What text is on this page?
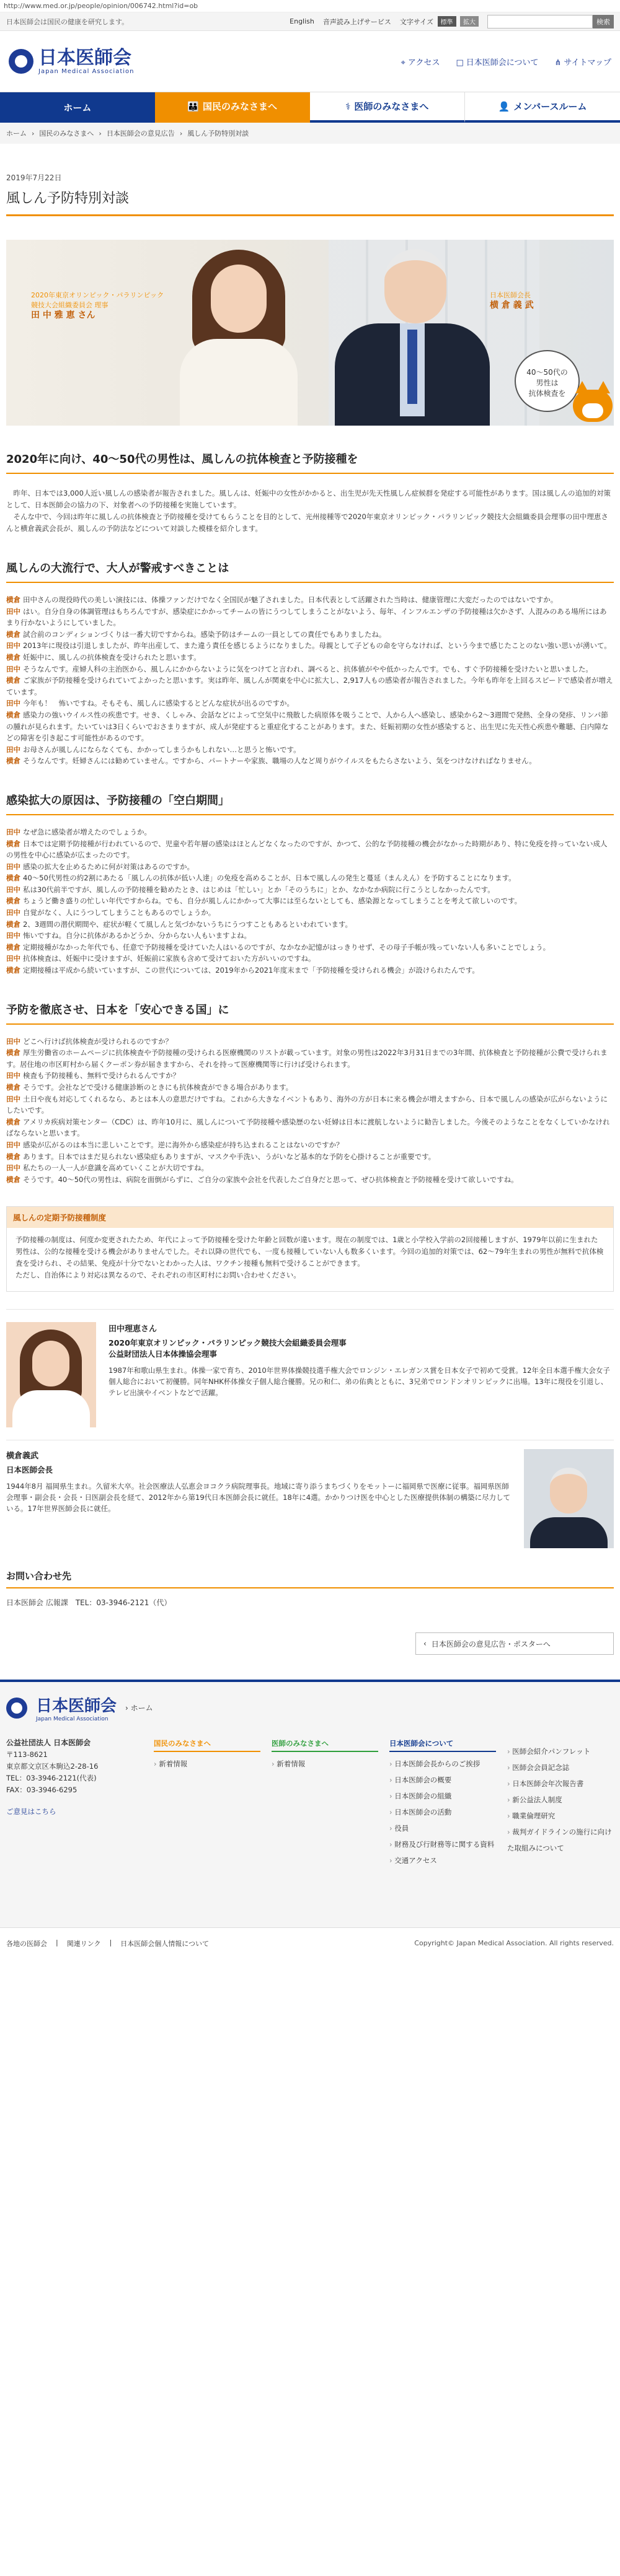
http://www.med.or.jp/people/opinion/006742.html?id=ob
日本医師会は国民の健康を研究します。	English 音声読み上げサービス 文字サイズ 標準 拡大	検索
日本医師会
Japan Medical Association
⌖ アクセス □ 日本医師会について ⋔ サイトマップ
ホーム	👪 国民のみなさまへ	⚕ 医師のみなさまへ	👤 メンバースルーム
ホーム › 国民のみなさまへ › 日本医師会の意見広告 › 風しん予防特別対談
2019年7月22日
風しん予防特別対談
2020年東京オリンピック・パラリンピック
競技大会組織委員会 理事
田 中 雅 恵 さん
日本医師会長
横 倉 義 武
40～50代の
男性は
抗体検査を
2020年に向け、40～50代の男性は、風しんの抗体検査と予防接種を

　昨年、日本では3,000人近い風しんの感染者が報告されました。風しんは、妊娠中の女性がかかると、出生児が先天性風しん症候群を発症する可能性があります。国は風しんの追加的対策として、日本医師会の協力の下、対象者への予防接種を実施しています。
　そんな中で、今回は昨年に風しんの抗体検査と予防接種を受けてもらうことを目的として、光州接種等で2020年東京オリンピック・パラリンピック競技大会組織委員会理事の田中理恵さんと横倉義武会長が、風しんの予防法などについて対談した模様を紹介します。

風しんの大流行で、大人が警戒すべきことは

横倉 田中さんの現役時代の美しい演技には、体操ファンだけでなく全国民が魅了されました。日本代表として活躍された当時は、健康管理に大変だったのではないですか。

田中 はい。自分自身の体調管理はもちろんですが、感染症にかかってチームの皆にうつしてしまうことがないよう、毎年、インフルエンザの予防接種は欠かさず、人混みのある場所にはあまり行かないようにしていました。

横倉 試合前のコンディションづくりは一番大切ですからね。感染予防はチームの一員としての責任でもありましたね。

田中 2013年に現役は引退しましたが、昨年出産して、また違う責任を感じるようになりました。母親として子どもの命を守らなければ、という今まで感じたことのない強い思いが湧いて。

横倉 妊娠中に、風しんの抗体検査を受けられたと思います。

田中 そうなんです。産婦人科の主治医から、風しんにかからないように気をつけてと言われ、調べると、抗体値がやや低かったんです。でも、すぐ予防接種を受けたいと思いました。

横倉 ご家族が予防接種を受けられていてよかったと思います。実は昨年、風しんが関東を中心に拡大し、2,917人もの感染者が報告されました。今年も昨年を上回るスピードで感染者が増えています。

田中 今年も！　怖いですね。そもそも、風しんに感染するとどんな症状が出るのですか。

横倉 感染力の強いウイルス性の疾患です。せき、くしゃみ、会話などによって空気中に飛散した病原体を吸うことで、人から人へ感染し、感染から2～3週間で発熱、全身の発疹、リンパ節の腫れが見られます。たいていは3日くらいでおさまりますが、成人が発症すると重症化することがあります。また、妊娠初期の女性が感染すると、出生児に先天性心疾患や難聴、白内障などの障害を引き起こす可能性があるのです。

田中 お母さんが風しんにならなくても、かかってしまうかもしれない…と思うと怖いです。

横倉 そうなんです。妊婦さんには勧めていません。ですから、パートナーや家族、職場の人など周りがウイルスをもたらさないよう、気をつけなければなりません。

感染拡大の原因は、予防接種の「空白期間」

田中 なぜ急に感染者が増えたのでしょうか。

横倉 日本では定期予防接種が行われているので、児童や若年層の感染はほとんどなくなったのですが、かつて、公的な予防接種の機会がなかった時期があり、特に免疫を持っていない成人の男性を中心に感染が広まったのです。

田中 感染の拡大を止めるために何が対策はあるのですか。

横倉 40～50代男性の約2割にあたる「風しんの抗体が低い人達」の免疫を高めることが、日本で風しんの発生と蔓延（まんえん）を予防することになります。

田中 私は30代前半ですが、風しんの予防接種を勧めたとき、はじめは「忙しい」とか「そのうちに」とか、なかなか病院に行こうとしなかったんです。

横倉 ちょうど働き盛りの忙しい年代ですからね。でも、自分が風しんにかかって大事には至らないとしても、感染源となってしまうことを考えて欲しいのです。

田中 自覚がなく、人にうつしてしまうこともあるのでしょうか。

横倉 2、3週間の潜伏期間や、症状が軽くて風しんと気づかないうちにうつすこともあるといわれています。

田中 怖いですね。自分に抗体があるかどうか、分からない人もいますよね。

横倉 定期接種がなかった年代でも、任意で予防接種を受けていた人はいるのですが、なかなか記憶がはっきりせず、その母子手帳が残っていない人も多いことでしょう。

田中 抗体検査は、妊娠中に受けますが、妊娠前に家族も含めて受けておいた方がいいのですね。

横倉 定期接種は平成から続いていますが、この世代については、2019年から2021年度末まで「予防接種を受けられる機会」が設けられたんです。

予防を徹底させ、日本を「安心できる国」に

田中 どこへ行けば抗体検査が受けられるのですか？

横倉 厚生労働省のホームページに抗体検査や予防接種の受けられる医療機関のリストが載っています。対象の男性は2022年3月31日までの3年間、抗体検査と予防接種が公費で受けられます。居住地の市区町村から届くクーポン券が届きますから、それを持って医療機関等に行けば受けられます。

田中 検査も予防接種も、無料で受けられるんですか？

横倉 そうです。会社などで受ける健康診断のときにも抗体検査ができる場合があります。

田中 土日や夜も対応してくれるなら、あとは本人の意思だけですね。これから大きなイベントもあり、海外の方が日本に来る機会が増えますから、日本で風しんの感染が広がらないようにしたいです。

横倉 アメリカ疾病対策センター（CDC）は、昨年10月に、風しんについて予防接種や感染歴のない妊婦は日本に渡航しないように勧告しました。今後そのようなことをなくしていかなければならないと思います。

田中 感染が広がるのは本当に悲しいことです。逆に海外から感染症が持ち込まれることはないのですか？

横倉 あります。日本ではまだ見られない感染症もありますが、マスクや手洗い、うがいなど基本的な予防を心掛けることが重要です。

田中 私たちの一人一人が意識を高めていくことが大切ですね。

横倉 そうです。40～50代の男性は、病院を面倒がらずに、ご自分の家族や会社を代表したご自身だと思って、ぜひ抗体検査と予防接種を受けて欲しいですね。

風しんの定期予防接種制度
予防接種の制度は、何度か変更されたため、年代によって予防接種を受けた年齢と回数が違います。現在の制度では、1歳と小学校入学前の2回接種しますが、1979年以前に生まれた男性は、公的な接種を受ける機会がありませんでした。それ以降の世代でも、一度も接種していない人も数多くいます。今回の追加的対策では、62～79年生まれの男性が無料で抗体検査を受けられ、その結果、免疫が十分でないとわかった人は、ワクチン接種も無料で受けることができます。
ただし、自治体により対応は異なるので、それぞれの市区町村にお問い合わせください。
田中理恵さん
2020年東京オリンピック・パラリンピック競技大会組織委員会理事
公益財団法人日本体操協会理事
1987年和歌山県生まれ。体操一家で育ち、2010年世界体操競技選手権大会でロンジン・エレガンス賞を日本女子で初めて受賞。12年全日本選手権大会女子個人総合において初優勝。同年NHK杯体操女子個人総合優勝。兄の和仁、弟の佑典とともに、3兄弟でロンドンオリンピックに出場。13年に現役を引退し、テレビ出演やイベントなどで活躍。
横倉義武
日本医師会長
1944年8月 福岡県生まれ。久留米大卒。社会医療法人弘恵会ヨコクラ病院理事長。地域に寄り添うまちづくりをモットーに福岡県で医療に従事。福岡県医師会理事・副会長・会長・日医副会長を経て、2012年から第19代日本医師会長に就任。18年に4選。かかりつけ医を中心とした医療提供体制の構築に尽力している。17年世界医師会長に就任。
お問い合わせ先

日本医師会 広報課　TEL：03-3946-2121（代）

‹ 日本医師会の意見広告・ポスターへ
日本医師会
Japan Medical Association
› ホーム
公益社団法人 日本医師会
〒113-8621
東京都文京区本駒込2-28-16
TEL：03-3946-2121(代表)
FAX：03-3946-6295
ご意見はこちら
国民のみなさまへ
› 新着情報
医師のみなさまへ
› 新着情報
日本医師会について
› 日本医師会長からのご挨拶
› 日本医師会の概要
› 日本医師会の組織
› 日本医師会の活動
› 役員
› 財務及び行財務等に関する資料
› 交通アクセス
› 医師会紹介パンフレット
› 医師会会員記念誌
› 日本医師会年次報告書
› 新公益法人制度
› 職業倫理研究
› 裁判ガイドラインの施行に向けた取組みについて
各地の医師会 | 関連リンク | 日本医師会個人情報について	Copyright© Japan Medical Association. All rights reserved.
